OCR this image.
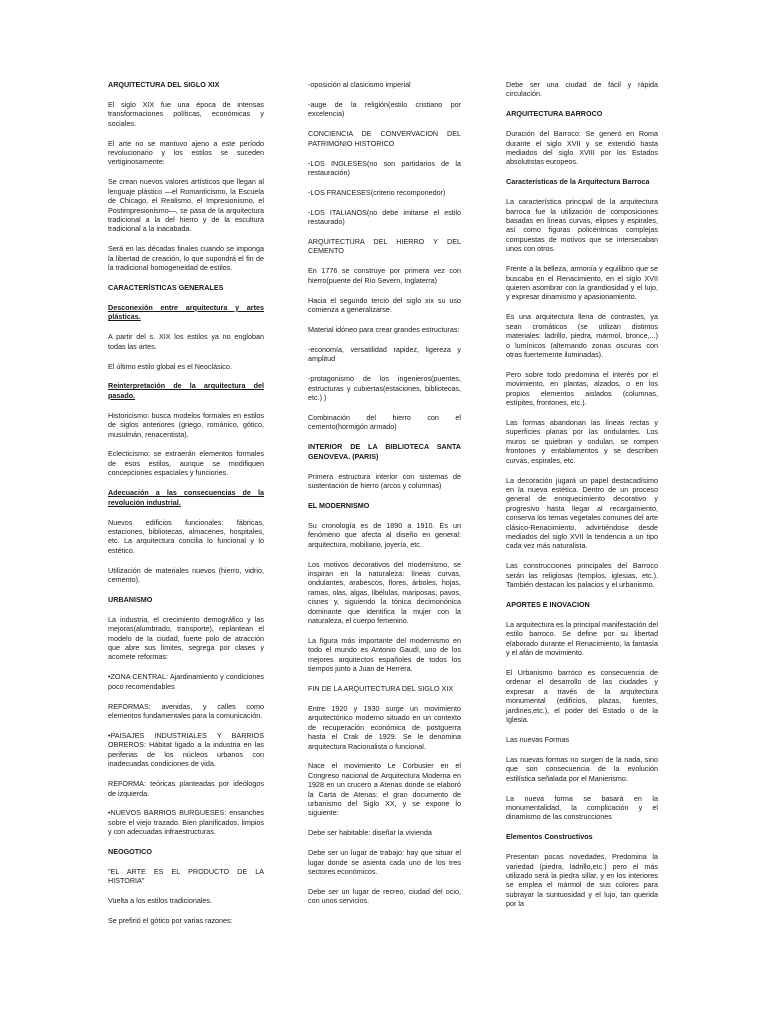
ARQUITECTURA DEL SIGLO XIX
El siglo XIX fue una época de intensas transformaciones políticas, económicas y sociales.
El arte no se mantuvo ajeno a este período revolucionario y los estilos se suceden vertiginosamente:
Se crean nuevos valores artísticos que llegan al lenguaje plástico —el Romanticismo, la Escuela de Chicago, el Realismo, el Impresionismo, el Postimpresionismo—, se pasa de la arquitectura tradicional a la del hierro y de la escultura tradicional a la inacabada.
Será en las décadas finales cuando se imponga la libertad de creación, lo que supondrá el fin de la tradicional homogeneidad de estilos.
CARACTERÍSTICAS GENERALES
Desconexión entre arquitectura y artes plásticas.
A partir del s. XIX los estilos ya no engloban todas las artes.
El último estilo global es el Neoclásico.
Reinterpretación de la arquitectura del pasado.
Historicismo: busca modelos formales en estilos de siglos anteriores (griego, románico, gótico, musulmán, renacentista).
Eclecticismo: se extraerán elementos formales de esos estilos, aunque se modifiquen concepciones espaciales y funciones.
Adecuación a las consecuencias de la revolución industrial.
Nuevos edificios funcionales: fábricas, estaciones, bibliotecas, almacenes, hospitales, etc. La arquitectura concilia lo funcional y lo estético.
Utilización de materiales nuevos (hierro, vidrio, cemento).
URBANISMO
La industria, el crecimiento demográfico y las mejoras(alumbrado, transporte), replantean el modelo de la ciudad, fuerte polo de atracción que abre sus límites, segrega por clases y acomete reformas:
•ZONA CENTRAL: Ajardinamiento y condiciones poco recomendables
REFORMAS: avenidas, y calles como elementos fundamentales para la comunicación.
•PAISAJES INDUSTRIALES Y BARRIOS OBREROS: Hábitat ligado a la industria en las periferias de los núcleos urbanos con inadecuadas condiciones de vida.
REFORMA: teóricas planteadas por ideólogos de izquierda.
•NUEVOS BARRIOS BURGUESES: ensanches sobre el viejo trazado. Bien planificados, limpios y con adecuadas infraestructuras.
NEOGOTICO
"EL ARTE ES EL PRODUCTO DE LA HISTORIA"
Vuelta a los estilos tradicionales.
Se prefirió el gótico por varias razones:
-oposición al clasicismo imperial
-auge de la religión(estilo cristiano por excelencia)
CONCIENCIA DE CONVERVACION DEL PATRIMONIO HISTORICO
-LOS INGLESES(no son partidarios de la restauración)
-LOS FRANCESES(criterio recomponedor)
-LOS ITALIANOS(no debe imitarse el estilo restaurado)
ARQUITECTURA DEL HIERRO Y DEL CEMENTO
En 1776 se construye por primera vez con hierro(puente del Río Severn, Inglaterra)
Hacia el segundo tercio del siglo xix su uso comienza a generalizarse.
Material idóneo para crear grandes estructuras:
-economía, versatilidad rapidez, ligereza y amplitud
-protagonismo de los ingenieros(puentes, estructuras y cubiertas(estaciones, bibliotecas, etc.) )
Combinación del hierro con el cemento(hormigón armado)
INTERIOR DE LA BIBLIOTECA SANTA GENOVEVA. (PARIS)
Primera estructura interior con sistemas de sustentación de hierro (arcos y columnas)
EL MODERNISMO
Su cronología es de 1890 a 1910. Es un fenómeno que afecta al diseño en general: arquitectura, mobiliario, joyería, etc.
Los motivos decorativos del modernismo, se inspiran en la naturaleza: líneas curvas, ondulantes, arabescos, flores, árboles, hojas, ramas, olas, algas, libélulas, mariposas, pavos, cisnes y, siguiendo la tónica decimonónica dominante que identifica la mujer con la naturaleza, el cuerpo femenino.
La figura más importante del modernismo en todo el mundo es Antonio Gaudí, uno de los mejores arquitectos españoles de todos los tiempos junto a Juan de Herrera.
FIN DE LA ARQUITECTURA DEL SIGLO XIX
Entre 1920 y 1930 surge un movimiento arquitectónico moderno situado en un contexto de recuperación económica de postguerra hasta el Crak de 1929. Se le denomina arquitectura Racionalista o funcional.
Nace el movimiento Le Corbusier en el Congreso nacional de Arquitectura Moderna en 1928 en un crucero a Atenas donde se elaboró la Carta de Atenas: el gran documento de urbanismo del Siglo XX, y se expone lo siguiente:
Debe ser habitable: diseñar la vivienda
Debe ser un lugar de trabajo: hay que situar el lugar donde se asienta cada uno de los tres sectores económicos.
Debe ser un lugar de recreo, ciudad del ocio, con unos servicios.
Debe ser una ciudad de fácil y rápida circulación.
ARQUITECTURA BARROCO
Duración del Barroco: Se generó en Roma durante el siglo XVII y se extendió hasta mediados del siglo XVIII por los Estados absolutistas europeos.
Características de la Arquitectura Barroca
La característica principal de la arquitectura barroca fue la utilización de composiciones basadas en líneas curvas, elipses y espirales, así como figuras policéntricas complejas compuestas de motivos que se intersecaban unos con otros.
Frente a la belleza, armonía y equilibrio que se buscaba en el Renacimiento, en el siglo XVII quieren asombrar con la grandiosidad y el lujo, y expresar dinamismo y apasionamiento.
Es una arquitectura llena de contrastes, ya sean cromáticos (se utilizan distintos materiales: ladrillo, piedra, mármol, bronce,...) o lumínicos (alternando zonas oscuras con otras fuertemente iluminadas).
Pero sobre todo predomina el interés por el movimiento, en plantas, alzados, o en los propios elementos aislados (columnas, estípites, frontones, etc.).
Las formas abandonan las líneas rectas y superficies planas por las ondulantes. Los muros se quiebran y ondulan, se rompen frontones y entablamentos y se describen curvas, espirales, etc.
La decoración jugará un papel destacadísimo en la nueva estética. Dentro de un proceso general de enriquecimiento decorativo y progresivo hasta llegar al recargamiento, conserva los temas vegetales comunes del arte clásico-Renacimiento, advirtiéndose desde mediados del siglo XVII la tendencia a un tipo cada vez más naturalista.
Las construcciones principales del Barroco serán las religiosas (templos, iglesias, etc.). También destacan los palacios y el urbanismo.
APORTES E INOVACION
La arquitectura es la principal manifestación del estilo barroco. Se define por su libertad elaborado durante el Renacimiento, la fantasía y el afán de movimiento.
El Urbanismo barroco es consecuencia de ordenar el desarrollo de las ciudades y expresar a través de la arquitectura monumental (edificios, plazas, fuentes, jardines,etc.), el poder del Estado o de la Iglesia.
Las nuevas Formas
Las nuevas formas no surgen de la nada, sino que son consecuencia de la evolución estilística señalada por el Manierismo.
La nueva forma se basará en la monumentalidad, la complicación y el dinamismo de las construcciones
Elementos Constructivos
Presentan pocas novedades, Predomina la variedad (piedra, ladrillo,etc.) pero el más utilizado será la piedra sillar, y en los interiores se emplea el mármol de sus colores para subrayar la suntuosidad y el lujo, tan querida por la
